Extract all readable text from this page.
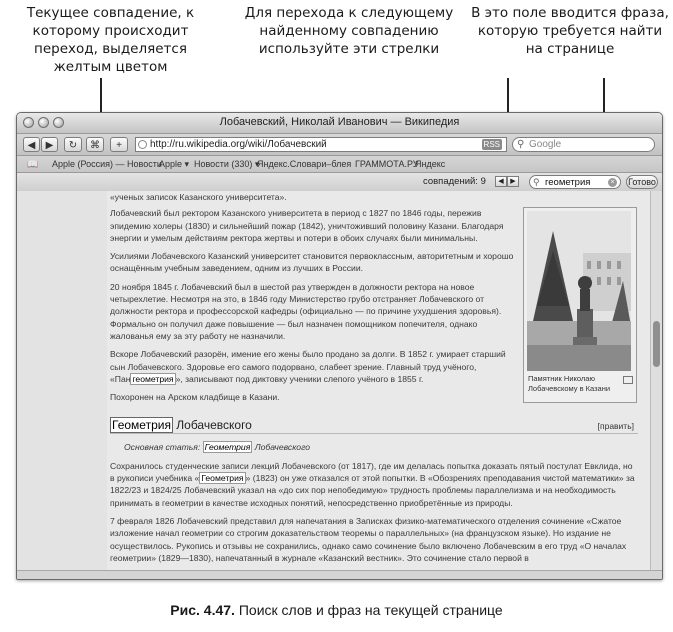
Текущее совпадение, к которому происходит переход, выделяется желтым цветом

Для перехода к следующему найденному совпадению используйте эти стрелки

В это поле вводится фраза, которую требуется найти на странице

Лобачевский, Николай Иванович — Википедия
◀	▶	↻	⌘	+	http://ru.wikipedia.org/wiki/Лобачевский	RSS ⚲ Google
📖 Apple (Россия) — Новости
Apple ▾ Новости (330) ▾
Яндекс.Словари–блея ГРАММОТА.РУ
Яндекс
совпадений: 9	◀ ▶	⚲ геометрия	× Готово

«ученых записок Казанского университета».

Лобачевский был ректором Казанского университета в период с 1827 по 1846 годы, пережив эпидемию холеры (1830) и сильнейший пожар (1842), уничтоживший половину Казани. Благодаря энергии и умелым действиям ректора жертвы и потери в обоих случаях были минимальны.

Усилиями Лобачевского Казанский университет становится первоклассным, авторитетным и хорошо оснащённым учебным заведением, одним из лучших в России.

20 ноября 1845 г. Лобачевский был в шестой раз утвержден в должности ректора на новое четырехлетие. Несмотря на это, в 1846 году Министерство грубо отстраняет Лобачевского от должности ректора и профессорской кафедры (официально — по причине ухудшения здоровья). Формально он получил даже повышение — был назначен помощником попечителя, однако жалованья ему за эту работу не назначили.

Вскоре Лобачевский разорён, имение его жены было продано за долги. В 1852 г. умирает старший сын Лобачевского. Здоровье его самого подорвано, слабеет зрение. Главный труд учёного, «Пан геометрия », записывают под диктовку ученики слепого учёного в 1855 г.

Похоронен на Арском кладбище в Казани.

Геометрия Лобачевского	[править]

Основная статья: Геометрия Лобачевского

Сохранилось студенческие записи лекций Лобачевского (от 1817), где им делалась попытка доказать пятый постулат Евклида, но в рукописи учебника « Геометрия » (1823) он уже отказался от этой попытки. В «Обозрениях преподавания чистой математики» за 1822/23 и 1824/25 Лобачевский указал на «до сих пор непобедимую» трудность проблемы параллелизма и на необходимость принимать в геометрии в качестве исходных понятий, непосредственно приобретённые из природы.

7 февраля 1826 Лобачевский представил для напечатания в Записках физико-математического отделения сочинение «Сжатое изложение начал геометрии со строгим доказательством теоремы о параллельных» (на французском языке). Но издание не осуществилось. Рукопись и отзывы не сохранились, однако само сочинение было включено Лобачевским в его труд «О началах геометрии» (1829—1830), напечатанный в журнале «Казанский вестник». Это сочинение стало первой в

Памятник Николаю Лобачевскому в Казани

Рис. 4.47. Поиск слов и фраз на текущей странице
